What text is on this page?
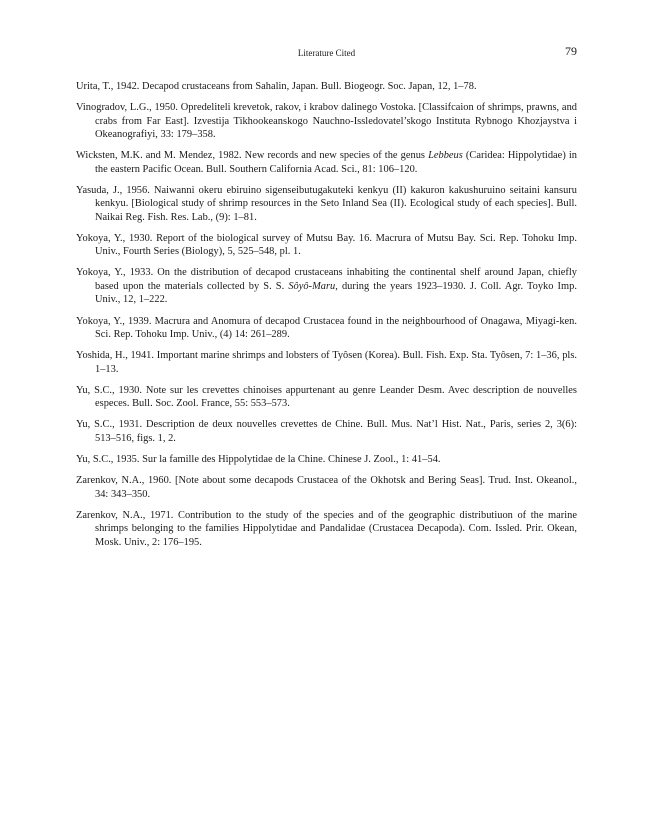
Literature Cited	79
Urita, T., 1942. Decapod crustaceans from Sahalin, Japan. Bull. Biogeogr. Soc. Japan, 12, 1–78.
Vinogradov, L.G., 1950. Opredeliteli krevetok, rakov, i krabov dalinego Vostoka. [Classifcaion of shrimps, prawns, and crabs from Far East]. Izvestija Tikhookeanskogo Nauchno-Issledovatel’skogo Instituta Rybnogo Khozjaystva i Okeanografiyi, 33: 179–358.
Wicksten, M.K. and M. Mendez, 1982. New records and new species of the genus Lebbeus (Caridea: Hippolytidae) in the eastern Pacific Ocean. Bull. Southern California Acad. Sci., 81: 106–120.
Yasuda, J., 1956. Naiwanni okeru ebiruino sigenseibutugakuteki kenkyu (II) kakuron kakushuruino seitaini kansuru kenkyu. [Biological study of shrimp resources in the Seto Inland Sea (II). Ecological study of each species]. Bull. Naikai Reg. Fish. Res. Lab., (9): 1–81.
Yokoya, Y., 1930. Report of the biological survey of Mutsu Bay. 16. Macrura of Mutsu Bay. Sci. Rep. Tohoku Imp. Univ., Fourth Series (Biology), 5, 525–548, pl. 1.
Yokoya, Y., 1933. On the distribution of decapod crustaceans inhabiting the continental shelf around Japan, chiefly based upon the materials collected by S. S. Sôyô-Maru, during the years 1923–1930. J. Coll. Agr. Toyko Imp. Univ., 12, 1–222.
Yokoya, Y., 1939. Macrura and Anomura of decapod Crustacea found in the neighbourhood of Onagawa, Miyagi-ken. Sci. Rep. Tohoku Imp. Univ., (4) 14: 261–289.
Yoshida, H., 1941. Important marine shrimps and lobsters of Tyôsen (Korea). Bull. Fish. Exp. Sta. Tyôsen, 7: 1–36, pls. 1–13.
Yu, S.C., 1930. Note sur les crevettes chinoises appurtenant au genre Leander Desm. Avec description de nouvelles especes. Bull. Soc. Zool. France, 55: 553–573.
Yu, S.C., 1931. Description de deux nouvelles crevettes de Chine. Bull. Mus. Nat’l Hist. Nat., Paris, series 2, 3(6): 513–516, figs. 1, 2.
Yu, S.C., 1935. Sur la famille des Hippolytidae de la Chine. Chinese J. Zool., 1: 41–54.
Zarenkov, N.A., 1960. [Note about some decapods Crustacea of the Okhotsk and Bering Seas]. Trud. Inst. Okeanol., 34: 343–350.
Zarenkov, N.A., 1971. Contribution to the study of the species and of the geographic distributiuon of the marine shrimps belonging to the families Hippolytidae and Pandalidae (Crustacea Decapoda). Com. Issled. Prir. Okean, Mosk. Univ., 2: 176–195.
